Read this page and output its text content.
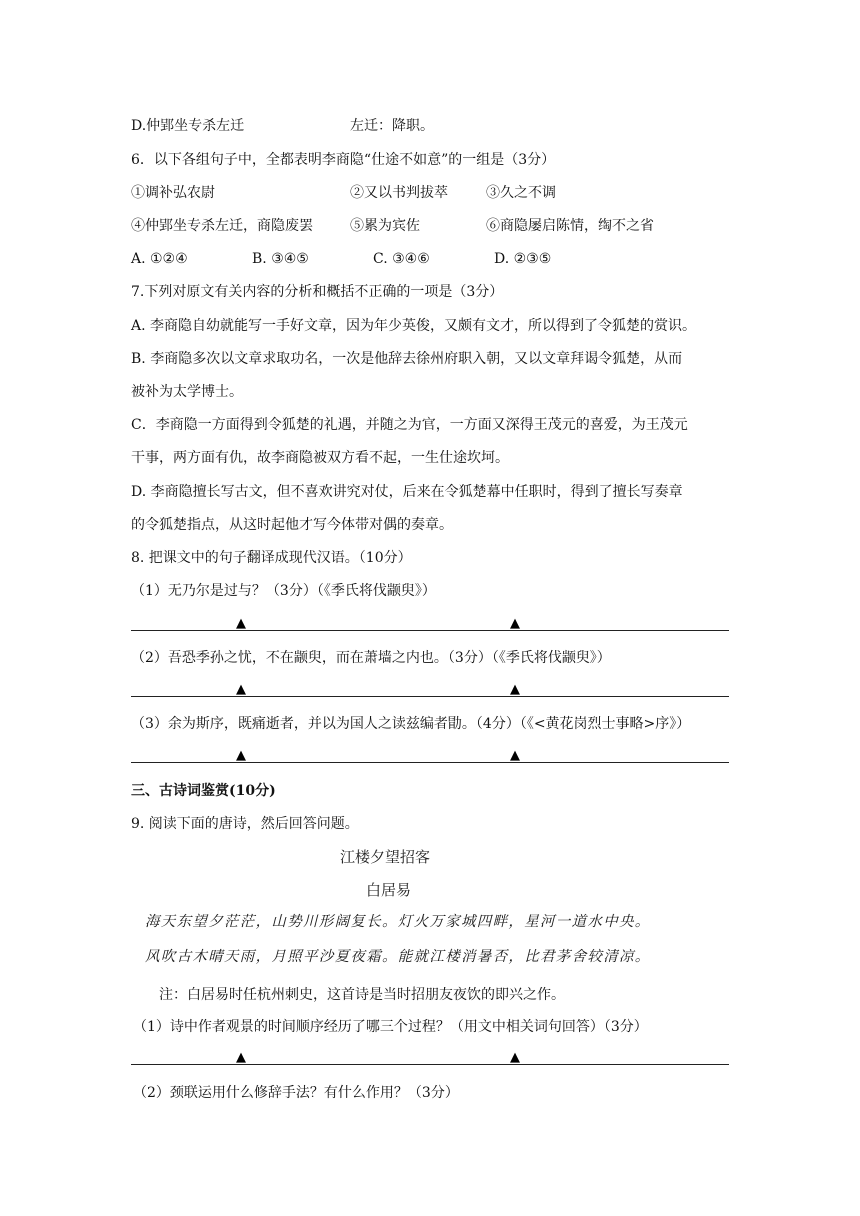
D.仲郢坐专杀左迁	左迁：降职。
6．以下各组句子中，全都表明李商隐“仕途不如意”的一组是（3分）
①调补弘农尉	②又以书判拔萃	③久之不调
④仲郢坐专杀左迁，商隐废罢	⑤累为宾佐	⑥商隐屡启陈情，绹不之省
A. ①②④	B. ③④⑤	C. ③④⑥	D. ②③⑤
7.下列对原文有关内容的分析和概括不正确的一项是（3分）
A. 李商隐自幼就能写一手好文章，因为年少英俊，又颇有文才，所以得到了令狐楚的赏识。
B. 李商隐多次以文章求取功名，一次是他辞去徐州府职入朝，又以文章拜谒令狐楚，从而
被补为太学博士。
C．李商隐一方面得到令狐楚的礼遇，并随之为官，一方面又深得王茂元的喜爱，为王茂元
干事，两方面有仇，故李商隐被双方看不起，一生仕途坎坷。
D. 李商隐擅长写古文，但不喜欢讲究对仗，后来在令狐楚幕中任职时，得到了擅长写奏章
的令狐楚指点，从这时起他才写今体带对偶的奏章。
8. 把课文中的句子翻译成现代汉语。（10分）
（1）无乃尔是过与？（3分）（《季氏将伐颛臾》）
▲	▲
（2）吾恐季孙之忧，不在颛臾，而在萧墙之内也。（3分）（《季氏将伐颛臾》）
▲	▲
（3）余为斯序，既痛逝者，并以为国人之读兹编者勖。（4分）（《<黄花岗烈士事略>序》）
▲	▲
三、古诗词鉴赏(10分)
9. 阅读下面的唐诗，然后回答问题。
江楼夕望招客
白居易
海天东望夕茫茫，山势川形阔复长。灯火万家城四畔，星河一道水中央。
风吹古木晴天雨，月照平沙夏夜霜。能就江楼消暑否，比君茅舍较清凉。
注：白居易时任杭州刺史，这首诗是当时招朋友夜饮的即兴之作。
（1）诗中作者观景的时间顺序经历了哪三个过程？（用文中相关词句回答）（3分）
▲	▲
（2）颈联运用什么修辞手法？有什么作用？（3分）
